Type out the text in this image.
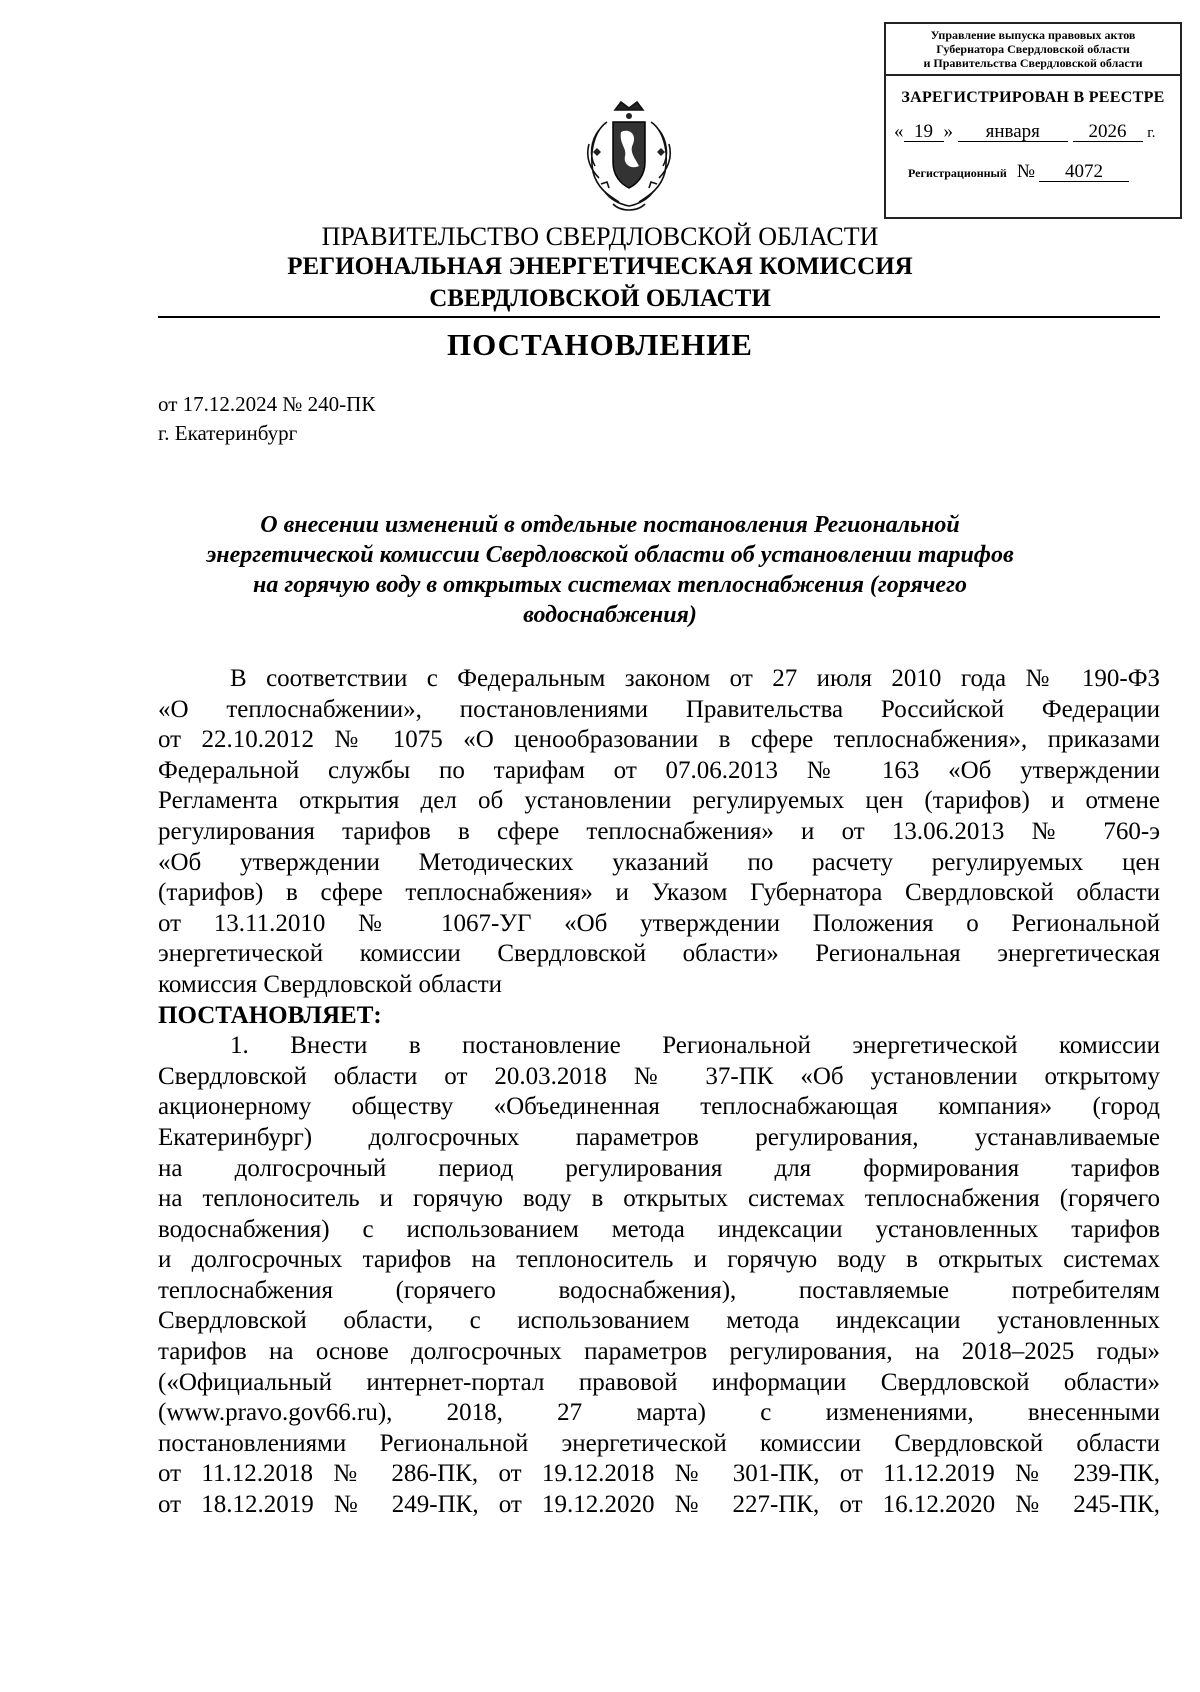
Управление выпуска правовых актов
Губернатора Свердловской области
и Правительства Свердловской области
ЗАРЕГИСТРИРОВАН В РЕЕСТРЕ
« 19 » января	2026 г.
Регистрационный № 4072
ПРАВИТЕЛЬСТВО СВЕРДЛОВСКОЙ ОБЛАСТИ
РЕГИОНАЛЬНАЯ ЭНЕРГЕТИЧЕСКАЯ КОМИССИЯ
СВЕРДЛОВСКОЙ ОБЛАСТИ
ПОСТАНОВЛЕНИЕ
от 17.12.2024 № 240-ПК
г. Екатеринбург
О внесении изменений в отдельные постановления Региональной
энергетической комиссии Свердловской области об установлении тарифов
на горячую воду в открытых системах теплоснабжения (горячего
водоснабжения)
В соответствии с Федеральным законом от 27 июля 2010 года № 190-ФЗ
«О теплоснабжении», постановлениями Правительства Российской Федерации
от 22.10.2012 № 1075 «О ценообразовании в сфере теплоснабжения», приказами
Федеральной службы по тарифам от 07.06.2013 № 163 «Об утверждении
Регламента открытия дел об установлении регулируемых цен (тарифов) и отмене
регулирования тарифов в сфере теплоснабжения» и от 13.06.2013 № 760-э
«Об утверждении Методических указаний по расчету регулируемых цен
(тарифов) в сфере теплоснабжения» и Указом Губернатора Свердловской области
от 13.11.2010 № 1067-УГ «Об утверждении Положения о Региональной
энергетической комиссии Свердловской области» Региональная энергетическая
комиссия Свердловской области
ПОСТАНОВЛЯЕТ:
1. Внести в постановление Региональной энергетической комиссии
Свердловской области от 20.03.2018 № 37-ПК «Об установлении открытому
акционерному обществу «Объединенная теплоснабжающая компания» (город
Екатеринбург) долгосрочных параметров регулирования, устанавливаемые
на долгосрочный период регулирования для формирования тарифов
на теплоноситель и горячую воду в открытых системах теплоснабжения (горячего
водоснабжения) с использованием метода индексации установленных тарифов
и долгосрочных тарифов на теплоноситель и горячую воду в открытых системах
теплоснабжения (горячего водоснабжения), поставляемые потребителям
Свердловской области, с использованием метода индексации установленных
тарифов на основе долгосрочных параметров регулирования, на 2018–2025 годы»
(«Официальный интернет-портал правовой информации Свердловской области»
(www.pravo.gov66.ru), 2018, 27 марта) с изменениями, внесенными
постановлениями Региональной энергетической комиссии Свердловской области
от 11.12.2018 № 286-ПК, от 19.12.2018 № 301-ПК, от 11.12.2019 № 239-ПК,
от 18.12.2019 № 249-ПК, от 19.12.2020 № 227-ПК, от 16.12.2020 № 245-ПК,
